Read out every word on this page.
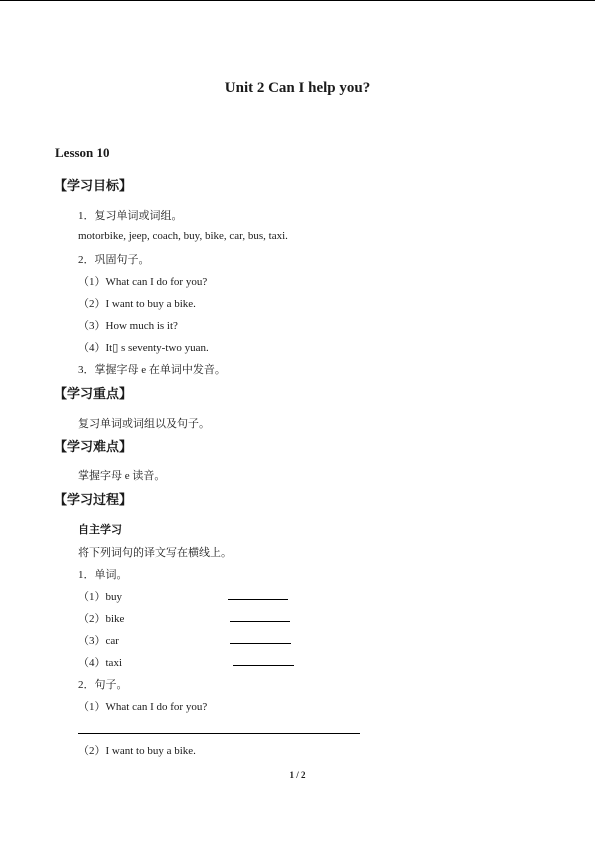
Unit 2 Can I help you?
Lesson 10
【学习目标】
1．复习单词或词组。
motorbike, jeep, coach, buy, bike, car, bus, taxi.
2．巩固句子。
（1）What can I do for you?
（2）I want to buy a bike.
（3）How much is it?
（4）It▯ s seventy-two yuan.
3．掌握字母 e 在单词中发音。
【学习重点】
复习单词或词组以及句子。
【学习难点】
掌握字母 e 读音。
【学习过程】
自主学习
将下列词句的译文写在横线上。
1．单词。
（1）buy
（2）bike
（3）car
（4）taxi
2．句子。
（1）What can I do for you?
（2）I want to buy a bike.
1 / 2
